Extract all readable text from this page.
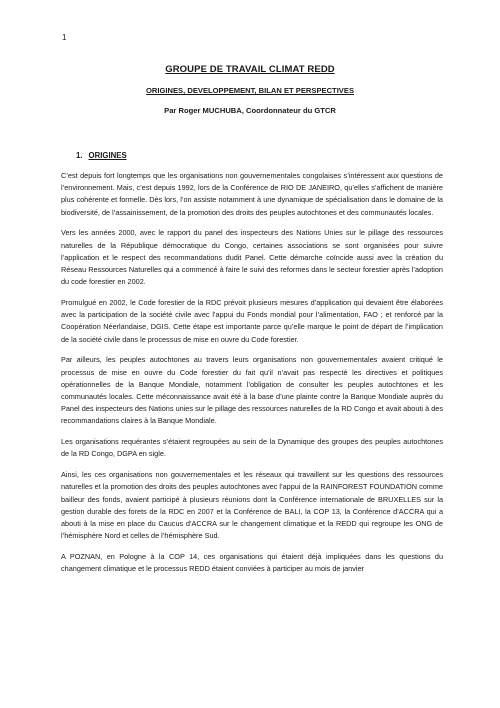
1
GROUPE DE TRAVAIL CLIMAT REDD
ORIGINES, DEVELOPPEMENT, BILAN ET PERSPECTIVES
Par Roger MUCHUBA, Coordonnateur du GTCR
1. ORIGINES

C’est depuis fort longtemps que les organisations non gouvernementales congolaises s’intéressent aux questions de l’environnement. Mais, c’est depuis 1992, lors de la Conférence de RIO DE JANEIRO, qu’elles s’affichent de manière plus cohérente et formelle. Dès lors, l’on assiste notamment à une dynamique de spécialisation dans le domaine de la biodiversité, de l’assainissement, de la promotion des droits des peuples autochtones et des communautés locales.

Vers les années 2000, avec le rapport du panel des inspecteurs des Nations Unies sur le pillage des ressources naturelles de la République démocratique du Congo, certaines associations se sont organisées pour suivre l’application et le respect des recommandations dudit Panel. Cette démarche coïncide aussi avec la création du Réseau Ressources Naturelles qui a commencé à faire le suivi des reformes dans le secteur forestier après l’adoption du code forestier en 2002.

Promulgué en 2002, le Code forestier de la RDC prévoit plusieurs mesures d’application qui devaient être élaborées avec la participation de la société civile avec l’appui du Fonds mondial pour l’alimentation, FAO ; et renforcé par la Coopération Néerlandaise, DGIS. Cette étape est importante parce qu’elle marque le point de départ de l’implication de la société civile dans le processus de mise en ouvre du Code forestier.

Par ailleurs, les peuples autochtones au travers leurs organisations non gouvernementales avaient critiqué le processus de mise en ouvre du Code forestier du fait qu’il n’avait pas respecté les directives et politiques opérationnelles de la Banque Mondiale, notamment l’obligation de consulter les peuples autochtones et les communautés locales. Cette méconnaissance avait été à la base d’une plainte contre la Banque Mondiale auprès du Panel des inspecteurs des Nations unies sur le pillage des ressources naturelles de la RD Congo et avait abouti à des recommandations claires à la Banque Mondiale.

Les organisations requérantes s’étaient regroupées au sein de la Dynamique des groupes des peuples autochtones de la RD Congo, DGPA en sigle.

Ainsi, les ces organisations non gouvernementales et les réseaux qui travaillent sur les questions des ressources naturelles et la promotion des droits des peuples autochtones avec l’appui de la RAINFOREST FOUNDATION comme bailleur des fonds, avaient participé à plusieurs réunions dont la Conférence internationale de BRUXELLES sur la gestion durable des forets de la RDC en 2007 et la Conférence de BALI, la COP 13, la Conférence d’ACCRA qui a abouti à la mise en place du Caucus d’ACCRA sur le changement climatique et la REDD qui regroupe les ONG de l’hémisphère Nord et celles de l’hémisphère Sud.

A POZNAN, en Pologne à la COP 14, ces organisations qui étaient déjà impliquées dans les questions du changement climatique et le processus REDD étaient conviées à participer au mois de janvier
